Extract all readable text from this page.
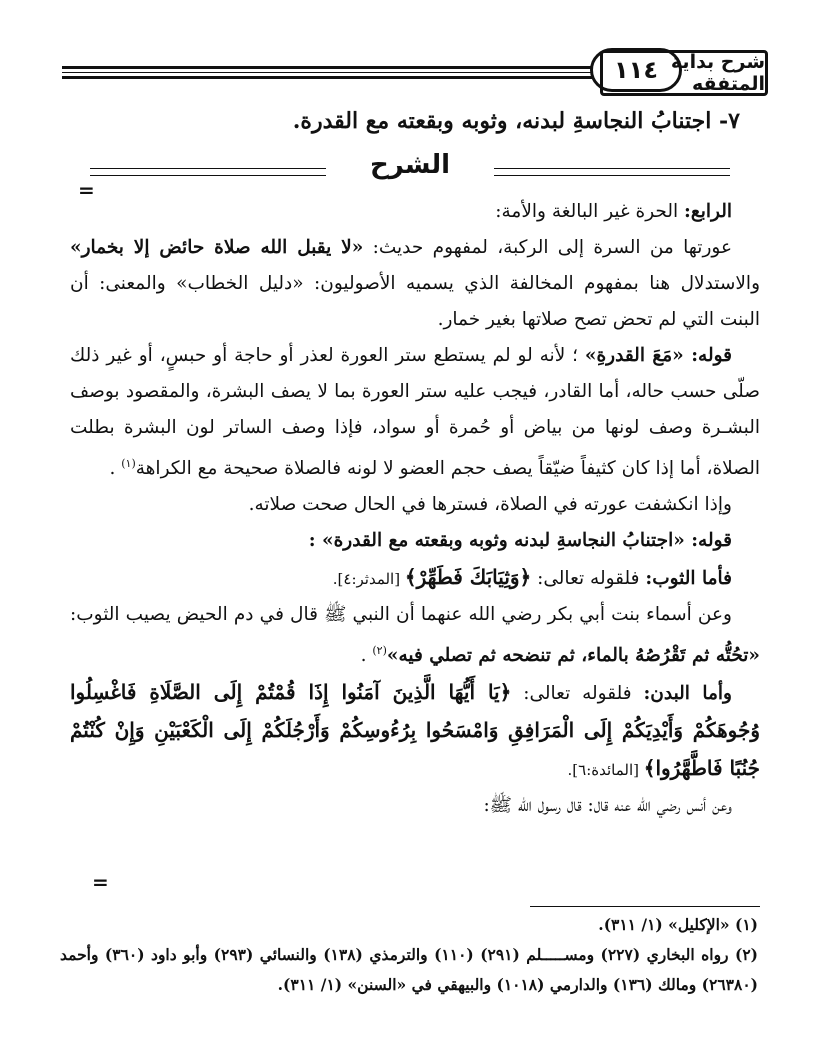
١١٤ شرح بداية المتفقه
٧- اجتنابُ النجاسةِ لبدنه، وثوبه وبقعته مع القدرة.
الشرح
=

الرابع: الحرة غير البالغة والأمة:

عورتها من السرة إلى الركبة، لمفهوم حديث: «لا يقبل الله صلاة حائض إلا بخمار» والاستدلال هنا بمفهوم المخالفة الذي يسميه الأصوليون: «دليل الخطاب» والمعنى: أن البنت التي لم تحض تصح صلاتها بغير خمار.

قوله: «مَعَ القدرةِ» ؛ لأنه لو لم يستطع ستر العورة لعذر أو حاجة أو حبسٍ، أو غير ذلك صلّى حسب حاله، أما القادر، فيجب عليه ستر العورة بما لا يصف البشرة، والمقصود بوصف البشـرة وصف لونها من بياض أو حُمرة أو سواد، فإذا وصف الساتر لون البشرة بطلت الصلاة، أما إذا كان كثيفاً ضيّقاً يصف حجم العضو لا لونه فالصلاة صحيحة مع الكراهة$^{(١)}$ .

وإذا انكشفت عورته في الصلاة، فسترها في الحال صحت صلاته.

قوله: «اجتنابُ النجاسةِ لبدنه وثوبه وبقعته مع القدرة» :

فأما الثوب: فلقوله تعالى: ﴿وَثِيَابَكَ فَطَهِّرْ﴾ [المدثر:٤].

وعن أسماء بنت أبي بكر رضي الله عنهما أن النبي ﷺ قال في دم الحيض يصيب الثوب: «تحُتُّه ثم تَقْرُصُهُ بالماء، ثم تنضحه ثم تصلي فيه»$^{(٢)}$ .

وأما البدن: فلقوله تعالى: ﴿يَا أَيُّهَا الَّذِينَ آمَنُوا إِذَا قُمْتُمْ إِلَى الصَّلَاةِ فَاغْسِلُوا وُجُوهَكُمْ وَأَيْدِيَكُمْ إِلَى الْمَرَافِقِ وَامْسَحُوا بِرُءُوسِكُمْ وَأَرْجُلَكُمْ إِلَى الْكَعْبَيْنِ وَإِنْ كُنْتُمْ جُنُبًا فَاطَّهَّرُوا﴾ [المائدة:٦].

وعن أنس رضي الله عنه قال: قال رسول الله ﷺ:

=
(١) «الإكليل» (١/ ٣١١).
(٢) رواه البخاري (٢٢٧) ومســـــلم (٢٩١) (١١٠) والترمذي (١٣٨) والنسائي (٢٩٣) وأبو داود (٣٦٠) وأحمد (٢٦٣٨٠) ومالك (١٣٦) والدارمي (١٠١٨) والبيهقي في «السنن» (١/ ٣١١).
